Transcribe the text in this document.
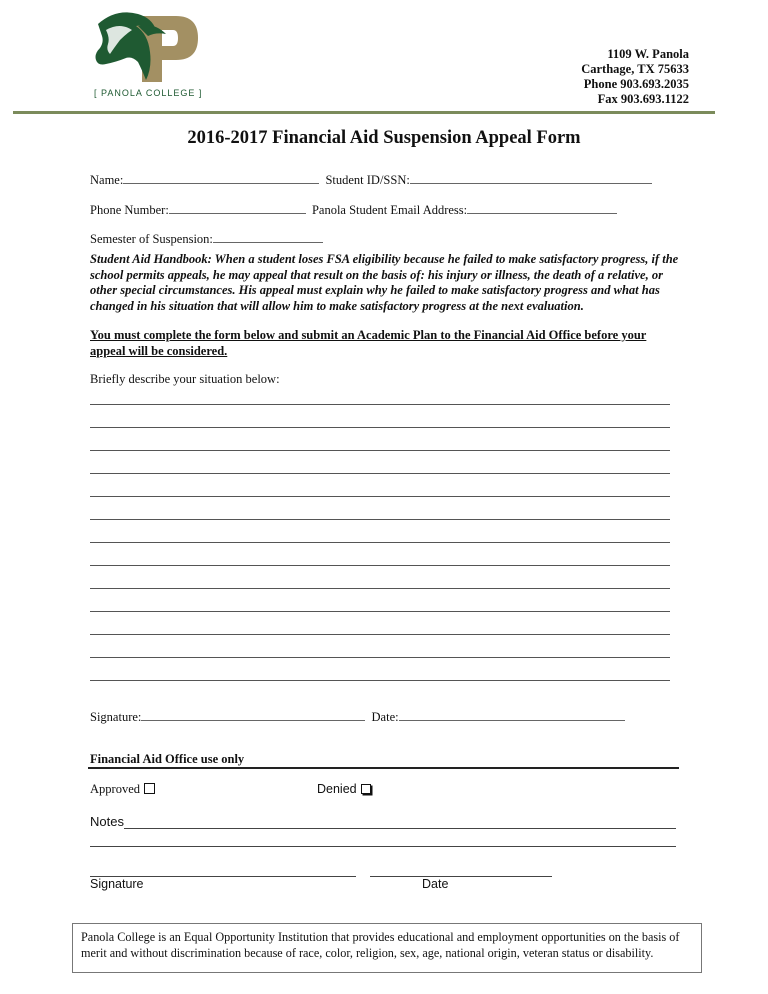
[ PANOLA COLLEGE ]
1109 W. Panola
Carthage, TX 75633
Phone 903.693.2035
Fax 903.693.1122
2016-2017 Financial Aid Suspension Appeal Form
Name:	Student ID/SSN:
Phone Number:	Panola Student Email Address:
Semester of Suspension:
Student Aid Handbook: When a student loses FSA eligibility because he failed to make satisfactory progress, if the school permits appeals, he may appeal that result on the basis of: his injury or illness, the death of a relative, or other special circumstances. His appeal must explain why he failed to make satisfactory progress and what has changed in his situation that will allow him to make satisfactory progress at the next evaluation.
You must complete the form below and submit an Academic Plan to the Financial Aid Office before your appeal will be considered.
Briefly describe your situation below:
Signature:	Date:
Financial Aid Office use only
Approved	Denied
Notes
Signature	Date
Panola College is an Equal Opportunity Institution that provides educational and employment opportunities on the basis of merit and without discrimination because of race, color, religion, sex, age, national origin, veteran status or disability.
